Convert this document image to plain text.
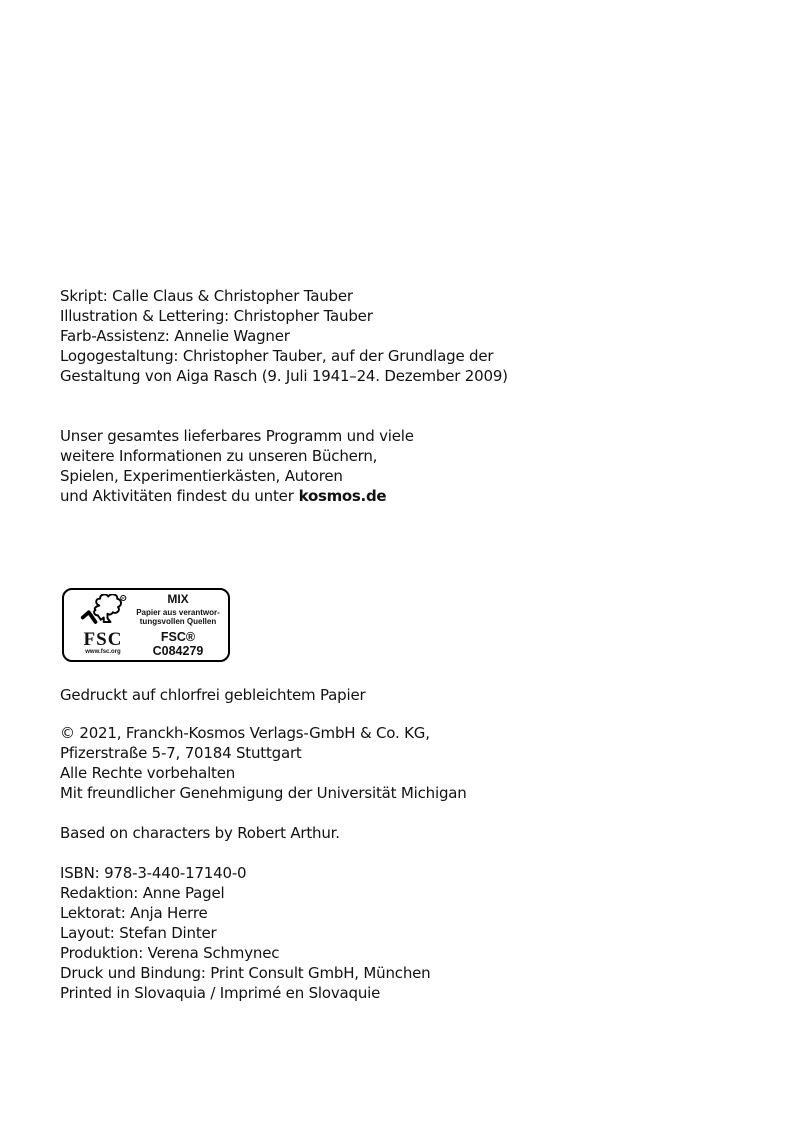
Skript: Calle Claus & Christopher Tauber
Illustration & Lettering: Christopher Tauber
Farb-Assistenz: Annelie Wagner
Logogestaltung: Christopher Tauber, auf der Grundlage der
Gestaltung von Aiga Rasch (9. Juli 1941–24. Dezember 2009)
Unser gesamtes lieferbares Programm und viele
weitere Informationen zu unseren Büchern,
Spielen, Experimentierkästen, Autoren
und Aktivitäten findest du unter kosmos.de
R
FSC
www.fsc.org
MIX
Papier aus verantwor-
tungsvollen Quellen
FSC® C084279
Gedruckt auf chlorfrei gebleichtem Papier
© 2021, Franckh-Kosmos Verlags-GmbH & Co. KG,
Pfizerstraße 5-7, 70184 Stuttgart
Alle Rechte vorbehalten
Mit freundlicher Genehmigung der Universität Michigan
Based on characters by Robert Arthur.
ISBN: 978-3-440-17140-0
Redaktion: Anne Pagel
Lektorat: Anja Herre
Layout: Stefan Dinter
Produktion: Verena Schmynec
Druck und Bindung: Print Consult GmbH, München
Printed in Slovaquia / Imprimé en Slovaquie
